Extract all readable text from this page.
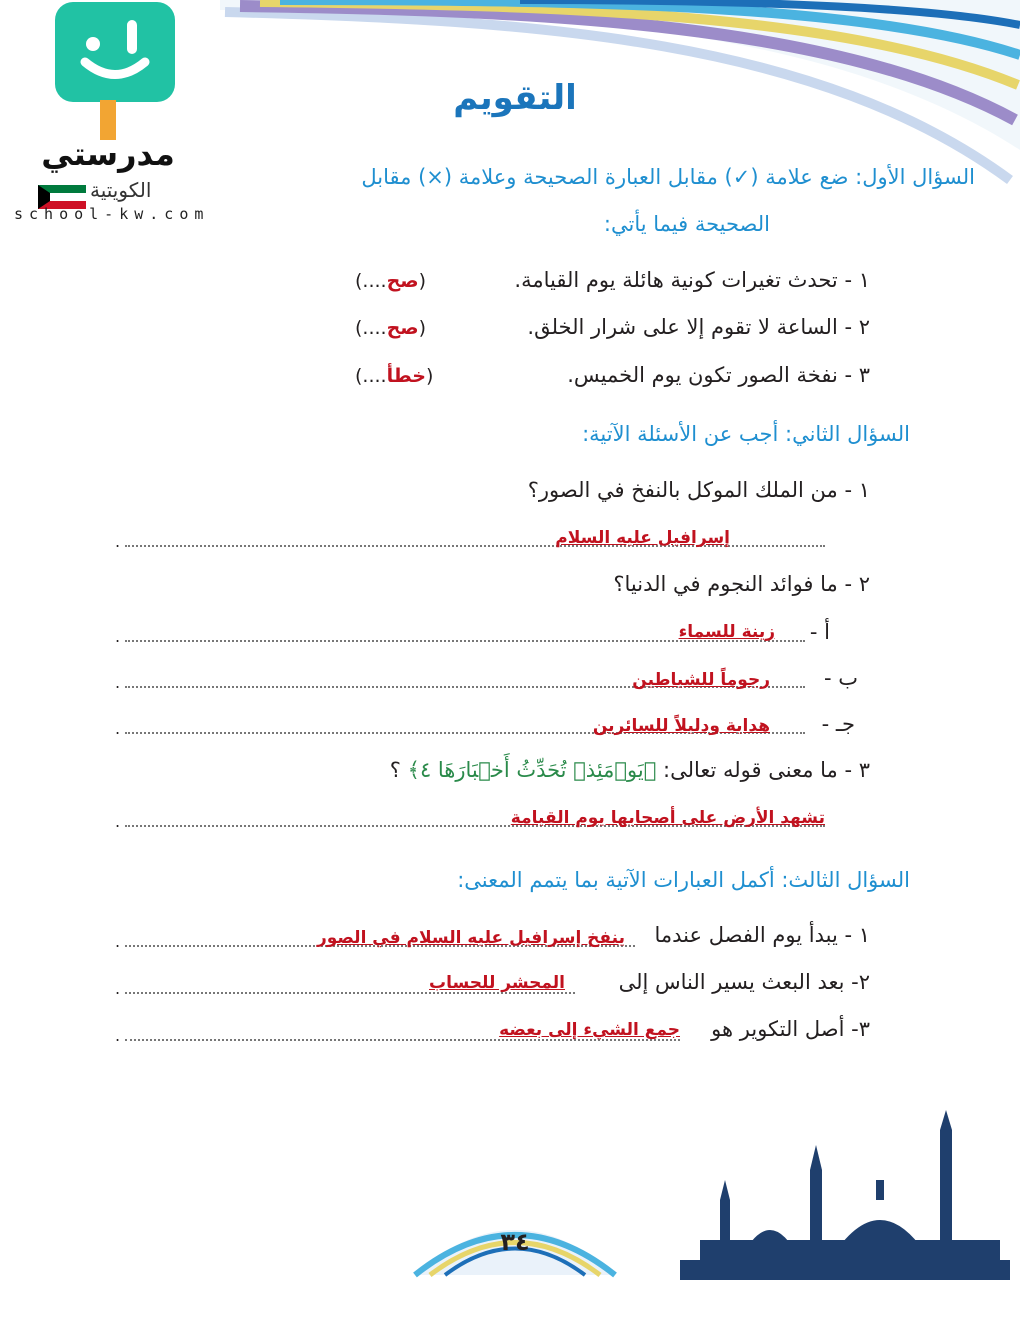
مدرستي
الكويتية
school-kw.com
التقويم
السؤال الأول: ضع علامة (✓) مقابل العبارة الصحيحة وعلامة (×) مقابل
الصحيحة فيما يأتي:
١ - تحدث تغيرات كونية هائلة يوم القيامة.
(صح....)
٢ - الساعة لا تقوم إلا على شرار الخلق.
(صح....)
٣ - نفخة الصور تكون يوم الخميس.
(خطأ....)
السؤال الثاني: أجب عن الأسئلة الآتية:
١ - من الملك الموكل بالنفخ في الصور؟
.	إسرافيل عليه السلام
٢ - ما فوائد النجوم في الدنيا؟
أ -
.	زينة للسماء
ب -
.	رجوماً للشياطين
جـ -
.	هداية ودليلاً للسائرين
٣ - ما معنى قوله تعالى: ﴿يَوۡمَئِذٖ تُحَدِّثُ أَخۡبَارَهَا ٤﴾ ؟
.	تشهد الأرض على أصحابها يوم القيامة
السؤال الثالث: أكمل العبارات الآتية بما يتمم المعنى:
١ - يبدأ يوم الفصل عندما
.	ينفخ إسرافيل عليه السلام في الصور
٢- بعد البعث يسير الناس إلى
.	المحشر للحساب
٣- أصل التكوير هو
.	جمع الشيء إلى بعضه
٣٤
